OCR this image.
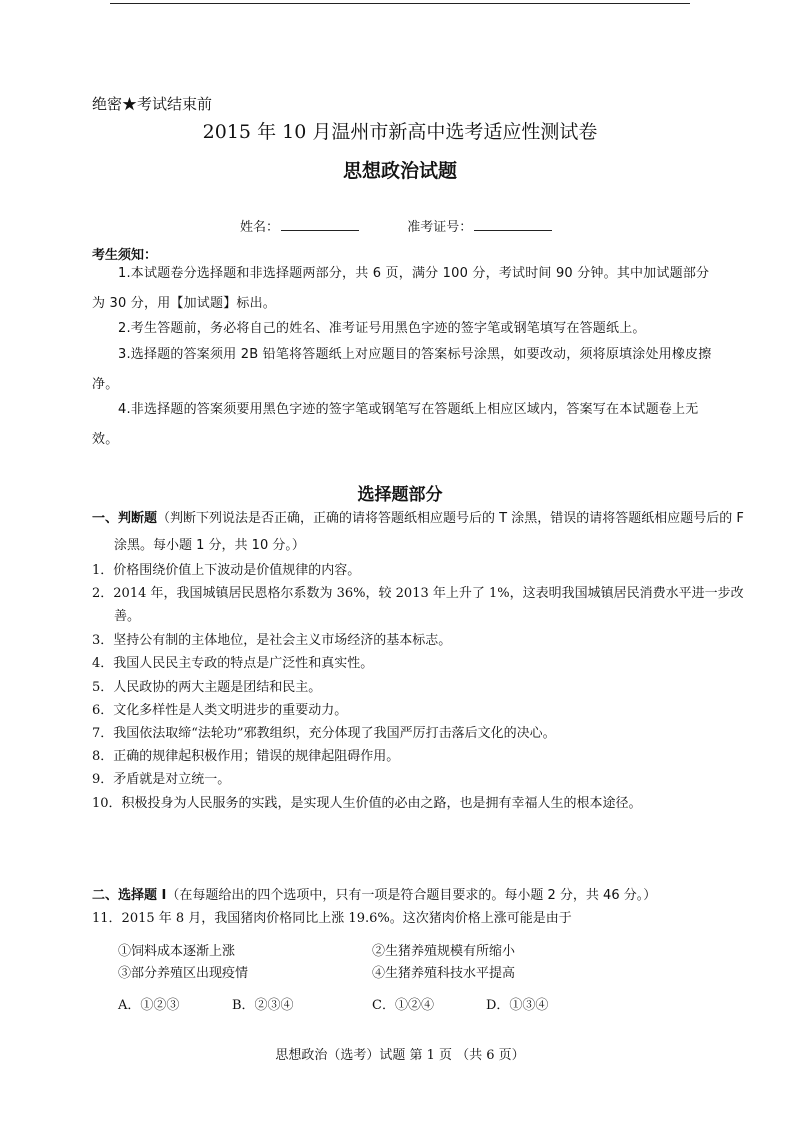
绝密★考试结束前
2015 年 10 月温州市新高中选考适应性测试卷
思想政治试题
姓名：	准考证号：
考生须知：
1.本试题卷分选择题和非选择题两部分，共 6 页，满分 100 分，考试时间 90 分钟。其中加试题部分为 30 分，用【加试题】标出。
2.考生答题前，务必将自己的姓名、准考证号用黑色字迹的签字笔或钢笔填写在答题纸上。
3.选择题的答案须用 2B 铅笔将答题纸上对应题目的答案标号涂黑，如要改动，须将原填涂处用橡皮擦净。
4.非选择题的答案须要用黑色字迹的签字笔或钢笔写在答题纸上相应区域内，答案写在本试题卷上无效。
选择题部分
一、判断题（判断下列说法是否正确，正确的请将答题纸相应题号后的 T 涂黑，错误的请将答题纸相应题号后的 F 涂黑。每小题 1 分，共 10 分。）
1．价格围绕价值上下波动是价值规律的内容。
2．2014 年，我国城镇居民恩格尔系数为 36%，较 2013 年上升了 1%，这表明我国城镇居民消费水平进一步改善。
3．坚持公有制的主体地位，是社会主义市场经济的基本标志。
4．我国人民民主专政的特点是广泛性和真实性。
5．人民政协的两大主题是团结和民主。
6．文化多样性是人类文明进步的重要动力。
7．我国依法取缔“法轮功”邪教组织，充分体现了我国严厉打击落后文化的决心。
8．正确的规律起积极作用；错误的规律起阻碍作用。
9．矛盾就是对立统一。
10．积极投身为人民服务的实践，是实现人生价值的必由之路，也是拥有幸福人生的根本途径。
二、选择题 I（在每题给出的四个选项中，只有一项是符合题目要求的。每小题 2 分，共 46 分。）
11．2015 年 8 月，我国猪肉价格同比上涨 19.6%。这次猪肉价格上涨可能是由于
①饲料成本逐渐上涨	②生猪养殖规模有所缩小
③部分养殖区出现疫情	④生猪养殖科技水平提高
A．①②③	B．②③④	C．①②④	D．①③④
思想政治（选考）试题 第 1 页 （共 6 页）
